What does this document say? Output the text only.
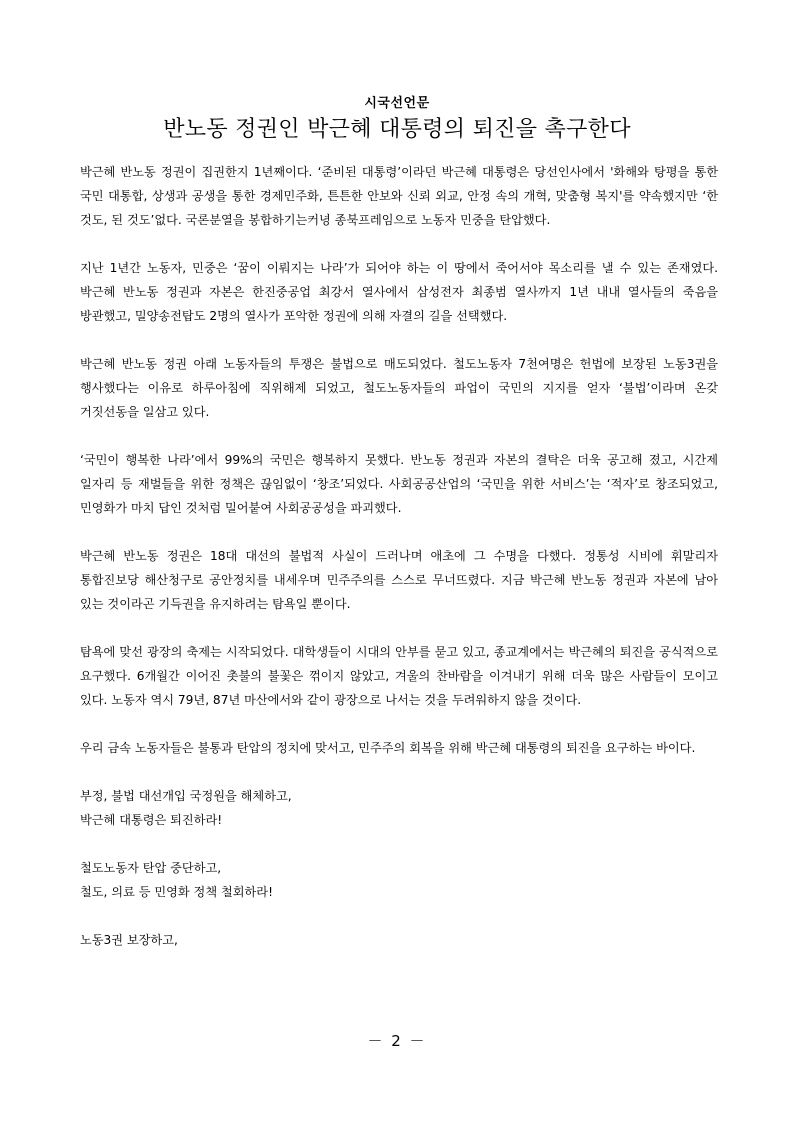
시국선언문
반노동 정권인 박근혜 대통령의 퇴진을 촉구한다

박근혜 반노동 정권이 집권한지 1년째이다. ‘준비된 대통령’이라던 박근혜 대통령은 당선인사에서 '화해와 탕평을 통한 국민 대통합, 상생과 공생을 통한 경제민주화, 튼튼한 안보와 신뢰 외교, 안정 속의 개혁, 맞춤형 복지'를 약속했지만 ‘한 것도, 된 것도’없다. 국론분열을 봉합하기는커녕 종북프레임으로 노동자 민중을 탄압했다.

지난 1년간 노동자, 민중은 ‘꿈이 이뤄지는 나라’가 되어야 하는 이 땅에서 죽어서야 목소리를 낼 수 있는 존재였다. 박근혜 반노동 정권과 자본은 한진중공업 최강서 열사에서 삼성전자 최종범 열사까지 1년 내내 열사들의 죽음을 방관했고, 밀양송전탑도 2명의 열사가 포악한 정권에 의해 자결의 길을 선택했다.

박근혜 반노동 정권 아래 노동자들의 투쟁은 불법으로 매도되었다. 철도노동자 7천여명은 헌법에 보장된 노동3권을 행사했다는 이유로 하루아침에 직위해제 되었고, 철도노동자들의 파업이 국민의 지지를 얻자 ‘불법’이라며 온갖 거짓선동을 일삼고 있다.

‘국민이 행복한 나라’에서 99%의 국민은 행복하지 못했다. 반노동 정권과 자본의 결탁은 더욱 공고해 졌고, 시간제 일자리 등 재벌들을 위한 정책은 끊임없이 ‘창조’되었다. 사회공공산업의 ‘국민을 위한 서비스’는 ‘적자’로 창조되었고, 민영화가 마치 답인 것처럼 밀어붙여 사회공공성을 파괴했다.

박근혜 반노동 정권은 18대 대선의 불법적 사실이 드러나며 애초에 그 수명을 다했다. 정통성 시비에 휘말리자 통합진보당 해산청구로 공안정치를 내세우며 민주주의를 스스로 무너뜨렸다. 지금 박근혜 반노동 정권과 자본에 남아 있는 것이라곤 기득권을 유지하려는 탐욕일 뿐이다.

탐욕에 맞선 광장의 축제는 시작되었다. 대학생들이 시대의 안부를 묻고 있고, 종교계에서는 박근혜의 퇴진을 공식적으로 요구했다. 6개월간 이어진 촛불의 불꽃은 꺾이지 않았고, 겨울의 찬바람을 이겨내기 위해 더욱 많은 사람들이 모이고 있다. 노동자 역시 79년, 87년 마산에서와 같이 광장으로 나서는 것을 두려워하지 않을 것이다.

우리 금속 노동자들은 불통과 탄압의 정치에 맞서고, 민주주의 회복을 위해 박근혜 대통령의 퇴진을 요구하는 바이다.

부정, 불법 대선개입 국정원을 해체하고,
박근혜 대통령은 퇴진하라!
철도노동자 탄압 중단하고,
철도, 의료 등 민영화 정책 철회하라!
노동3권 보장하고,
－ 2 －
